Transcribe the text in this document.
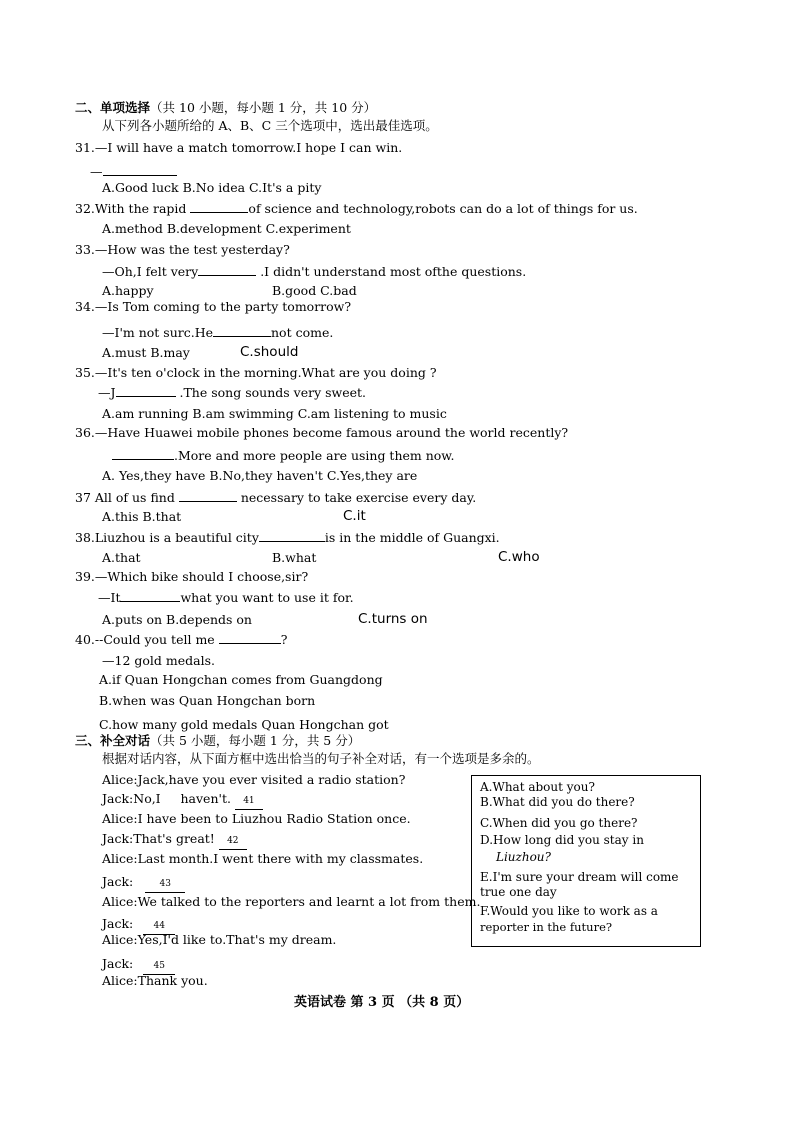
二、单项选择（共 10 小题，每小题 1 分，共 10 分）
从下列各小题所给的 A、B、C 三个选项中，选出最佳选项。
31.—I will have a match tomorrow.I hope I can win.
—
A.Good luck B.No idea C.It's a pity
32.With the rapid	of science and technology,robots can do a lot of things for us.
A.method B.development C.experiment
33.—How was the test yesterday?
—Oh,I felt very	.I didn't understand most ofthe questions.
A.happy	B.good C.bad
34.—Is Tom coming to the party tomorrow?
—I'm not surc.He	not come.
A.must B.may	C.should
35.—It's ten o'clock in the morning.What are you doing ?
—J	.The song sounds very sweet.
A.am running B.am swimming C.am listening to music
36.—Have Huawei mobile phones become famous around the world recently?
.More and more people are using them now.
A. Yes,they have B.No,they haven't C.Yes,they are
37 All of us find	necessary to take exercise every day.
A.this B.that	C.it
38.Liuzhou is a beautiful city	is in the middle of Guangxi.
A.that	B.what	C.who
39.—Which bike should I choose,sir?
—It	what you want to use it for.
A.puts on B.depends on	C.turns on
40.--Could you tell me	?
—12 gold medals.
A.if Quan Hongchan comes from Guangdong
B.when was Quan Hongchan born
C.how many gold medals Quan Hongchan got
三、补全对话（共 5 小题，每小题 1 分，共 5 分）
根据对话内容，从下面方框中选出恰当的句子补全对话，有一个选项是多余的。
Alice:Jack,have you ever visited a radio station?
Jack:No,I     haven't. 41
Alice:I have been to Liuzhou Radio Station once.
Jack:That's great! 42
Alice:Last month.I went there with my classmates.
Jack:	43
Alice:We talked to the reporters and learnt a lot from them.
Jack: 44
Alice:Yes,I'd like to.That's my dream.
Jack: 45
Alice:Thank you.
A.What about you?
B.What did you do there?
C.When did you go there?
D.How long did you stay in
Liuzhou?
E.I'm sure your dream will come
true one day
F.Would you like to work as a
reporter in the future?
英语试卷 第 3 页 （共 8 页）
